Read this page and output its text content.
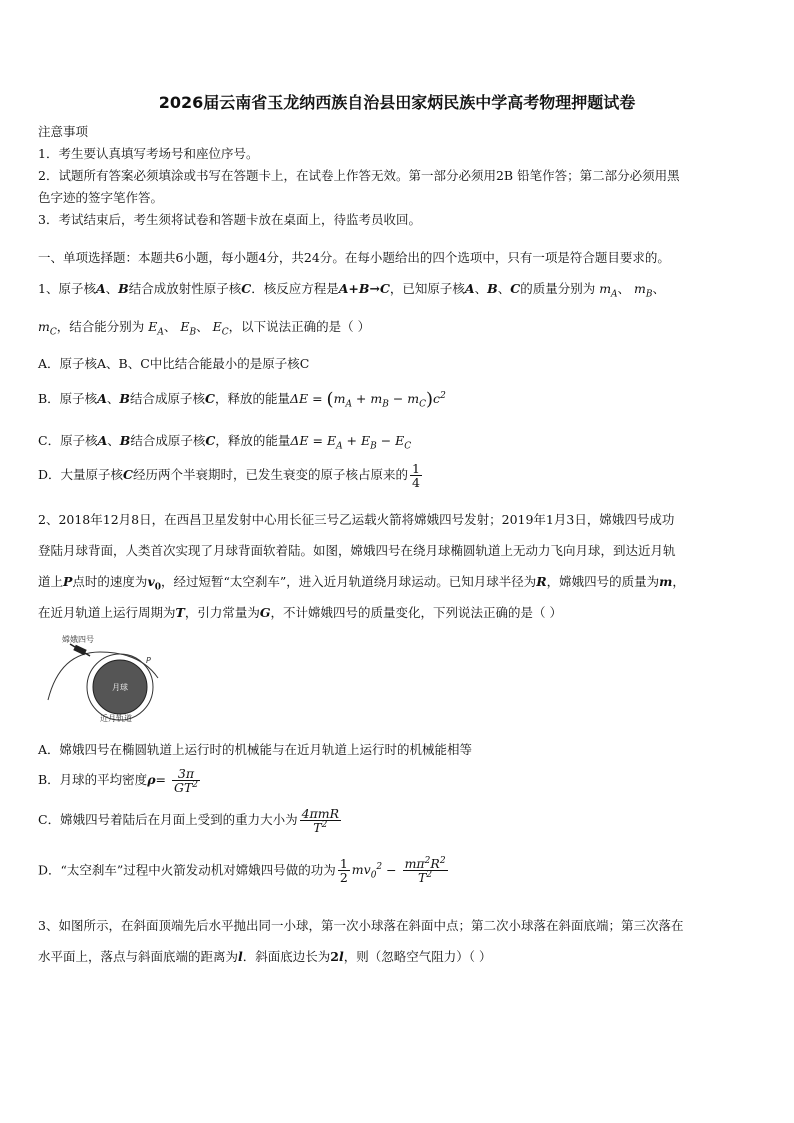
2026届云南省玉龙纳西族自治县田家炳民族中学高考物理押题试卷
注意事项
1．考生要认真填写考场号和座位序号。
2．试题所有答案必须填涂或书写在答题卡上，在试卷上作答无效。第一部分必须用2B 铅笔作答；第二部分必须用黑
色字迹的签字笔作答。
3．考试结束后，考生须将试卷和答题卡放在桌面上，待监考员收回。
一、单项选择题：本题共6小题，每小题4分，共24分。在每小题给出的四个选项中，只有一项是符合题目要求的。
1、原子核A、B结合成放射性原子核C．核反应方程是A+B→C，已知原子核A、B、C的质量分别为 $m_A$、 $m_B$、
$m_C$，结合能分别为 $E_A$、 $E_B$、 $E_C$，以下说法正确的是（ ）
A．原子核A、B、C中比结合能最小的是原子核C
B．原子核A、B结合成原子核C，释放的能量$\Delta E = (m_A + m_B - m_C)c^2$
C．原子核A、B结合成原子核C，释放的能量$\Delta E = E_A + E_B - E_C$
D．大量原子核C经历两个半衰期时，已发生衰变的原子核占原来的 $\frac{1}{4}$
2、2018年12月8日，在西昌卫星发射中心用长征三号乙运载火箭将嫦娥四号发射；2019年1月3日，嫦娥四号成功
登陆月球背面，人类首次实现了月球背面软着陆。如图，嫦娥四号在绕月球椭圆轨道上无动力飞向月球，到达近月轨
道上P点时的速度为$v_0$，经过短暂“太空刹车”，进入近月轨道绕月球运动。已知月球半径为R，嫦娥四号的质量为m，
在近月轨道上运行周期为T，引力常量为G，不计嫦娥四号的质量变化，下列说法正确的是（ ）
嫦娥四号
月球
近月轨道
P
A．嫦娥四号在椭圆轨道上运行时的机械能与在近月轨道上运行时的机械能相等
B．月球的平均密度$\rho= \frac{3\pi}{GT^2}$
C．嫦娥四号着陆后在月面上受到的重力大小为 $\frac{\text{4πmR}}{T^2}$
D．“太空刹车”过程中火箭发动机对嫦娥四号做的功为 $\frac{1}{2} mv_0^2 - \frac{m\pi^2R^2}{T^2}$
3、如图所示，在斜面顶端先后水平抛出同一小球，第一次小球落在斜面中点；第二次小球落在斜面底端；第三次落在
水平面上，落点与斜面底端的距离为l．斜面底边长为2l，则（忽略空气阻力）（ ）
